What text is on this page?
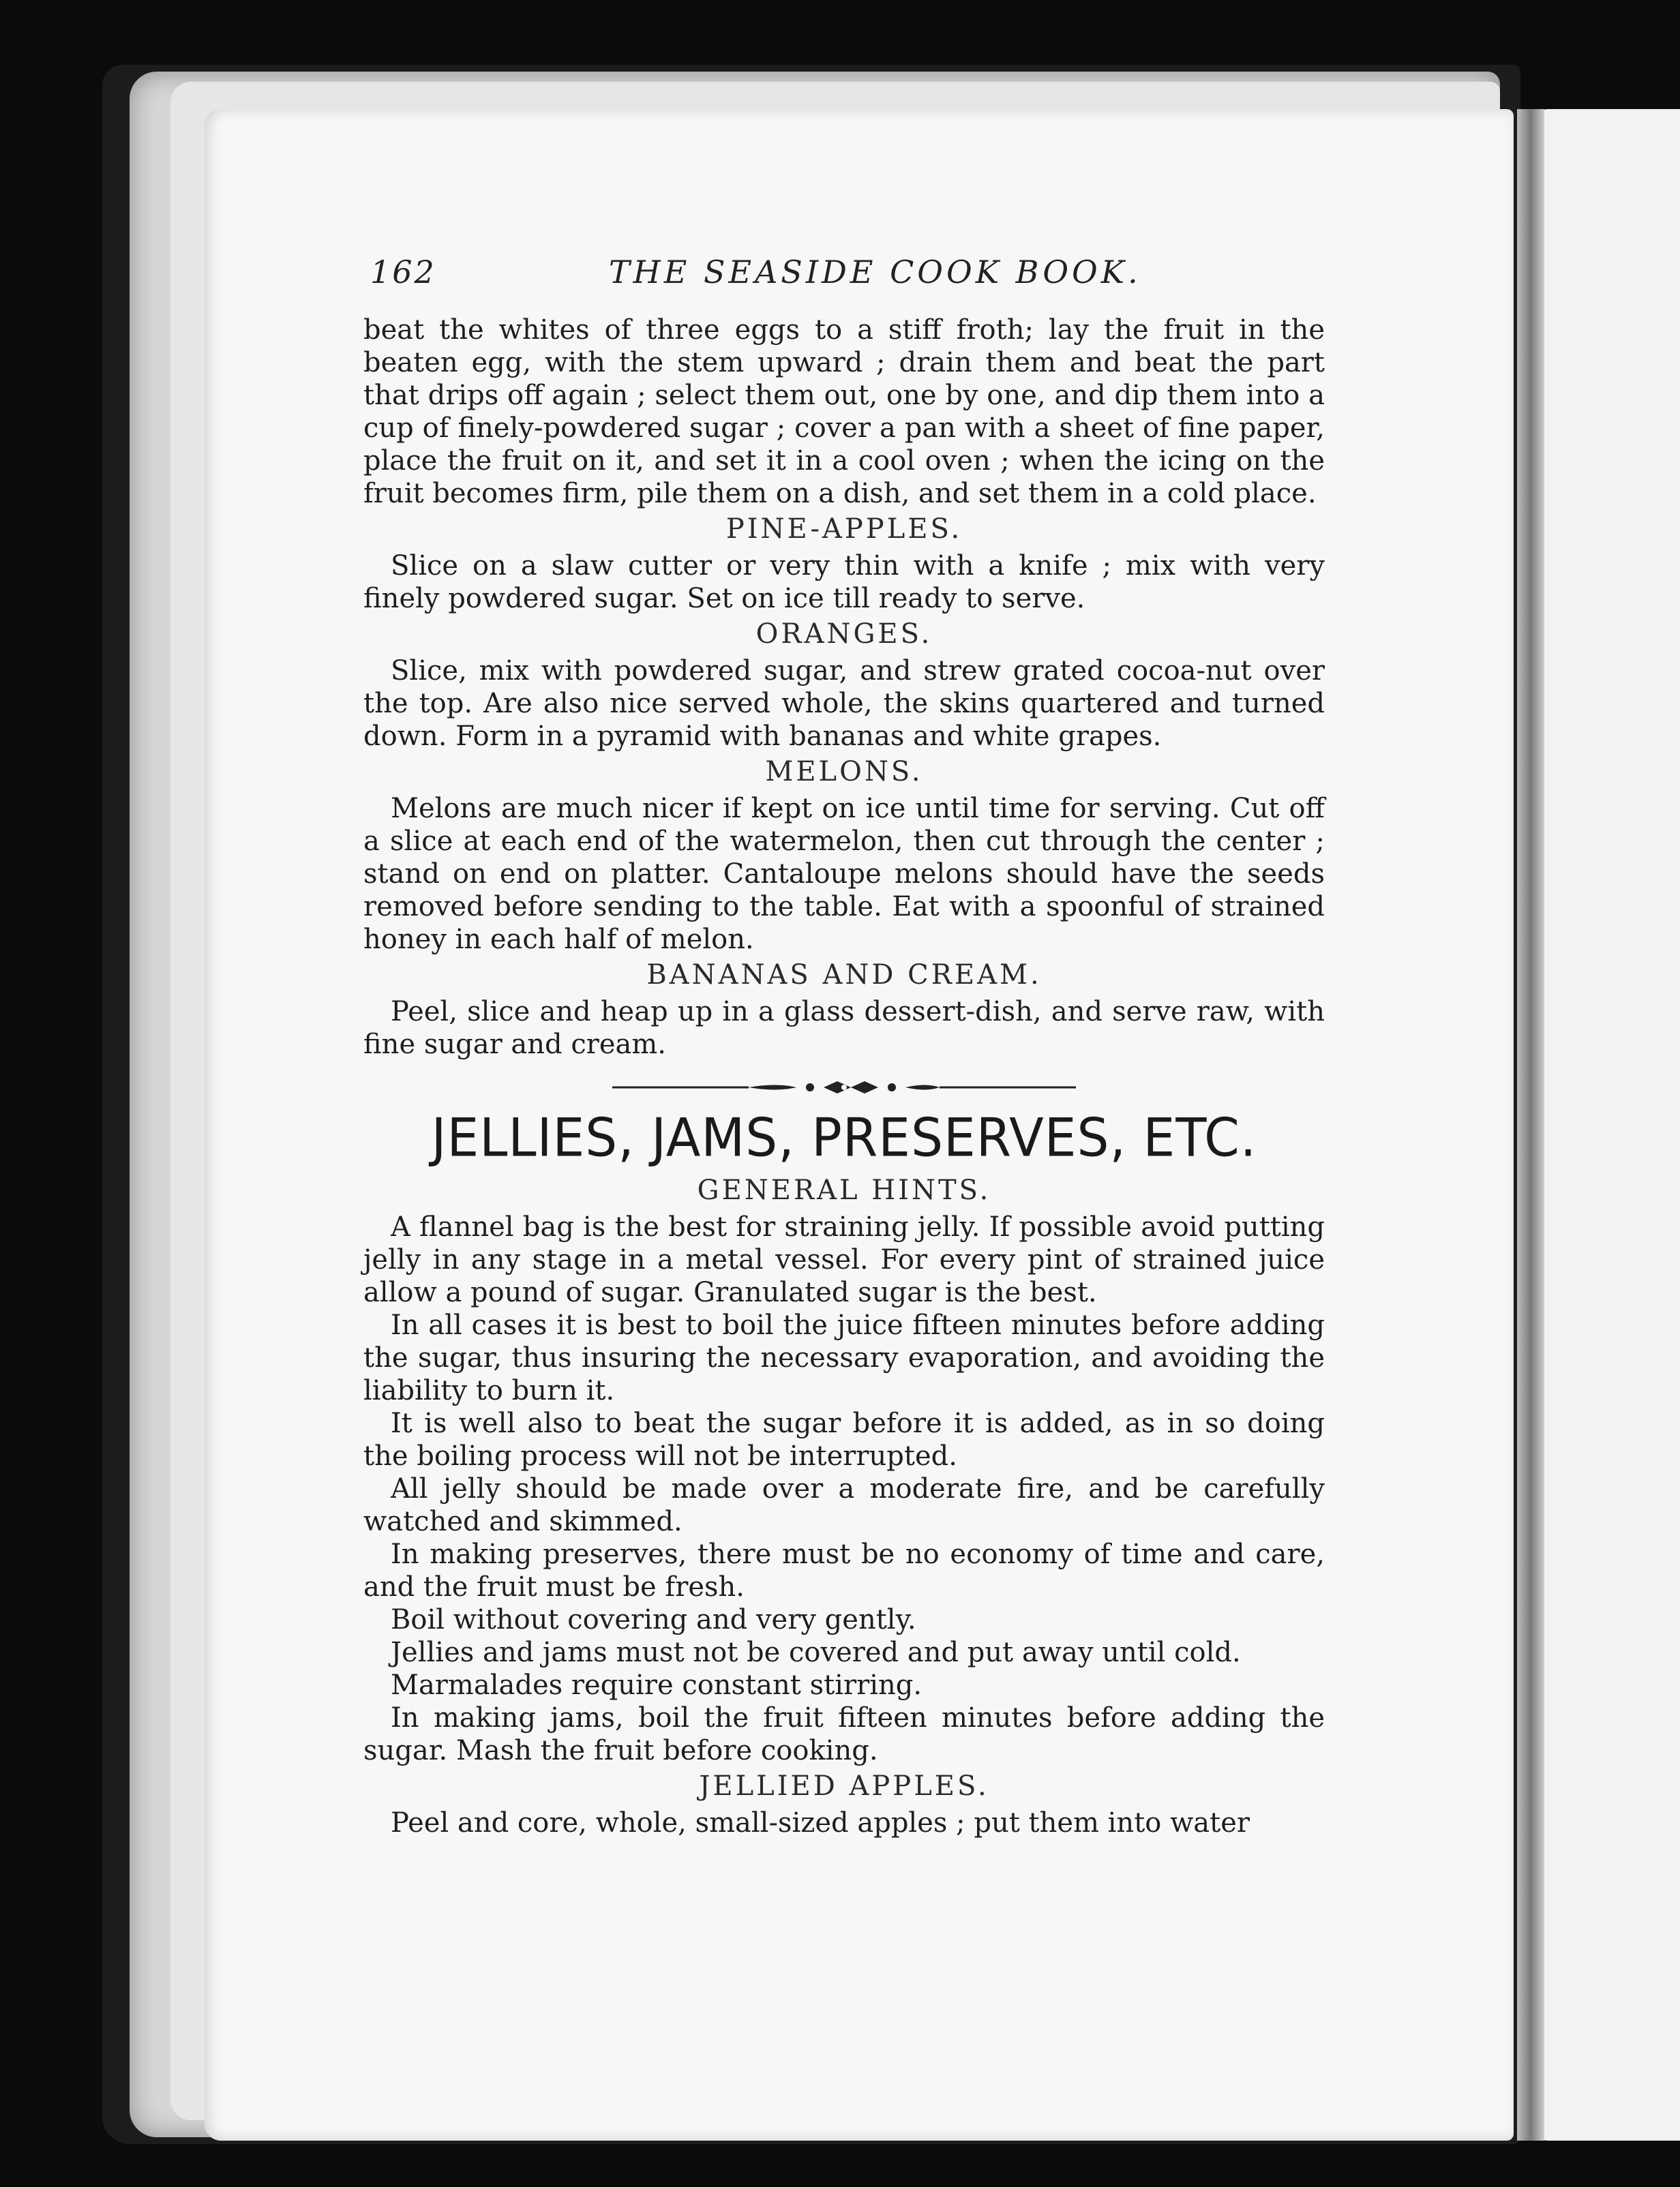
162	THE SEASIDE COOK BOOK.

beat the whites of three eggs to a stiff froth; lay the fruit in the beaten egg, with the stem upward ; drain them and beat the part that drips off again ; select them out, one by one, and dip them into a cup of finely-powdered sugar ; cover a pan with a sheet of fine paper, place the fruit on it, and set it in a cool oven ; when the icing on the fruit becomes firm, pile them on a dish, and set them in a cold place.

PINE-APPLES.

Slice on a slaw cutter or very thin with a knife ; mix with very finely powdered sugar. Set on ice till ready to serve.

ORANGES.

Slice, mix with powdered sugar, and strew grated cocoa-nut over the top. Are also nice served whole, the skins quartered and turned down. Form in a pyramid with bananas and white grapes.

MELONS.

Melons are much nicer if kept on ice until time for serving. Cut off a slice at each end of the watermelon, then cut through the center ; stand on end on platter. Cantaloupe melons should have the seeds removed before sending to the table. Eat with a spoonful of strained honey in each half of melon.

BANANAS AND CREAM.

Peel, slice and heap up in a glass dessert-dish, and serve raw, with fine sugar and cream.

JELLIES, JAMS, PRESERVES, ETC.
GENERAL HINTS.

A flannel bag is the best for straining jelly. If possible avoid putting jelly in any stage in a metal vessel. For every pint of strained juice allow a pound of sugar. Granulated sugar is the best.

In all cases it is best to boil the juice fifteen minutes before adding the sugar, thus insuring the necessary evaporation, and avoiding the liability to burn it.

It is well also to beat the sugar before it is added, as in so doing the boiling process will not be interrupted.

All jelly should be made over a moderate fire, and be carefully watched and skimmed.

In making preserves, there must be no economy of time and care, and the fruit must be fresh.

Boil without covering and very gently.

Jellies and jams must not be covered and put away until cold.

Marmalades require constant stirring.

In making jams, boil the fruit fifteen minutes before adding the sugar. Mash the fruit before cooking.

JELLIED APPLES.

Peel and core, whole, small-sized apples ; put them into water
